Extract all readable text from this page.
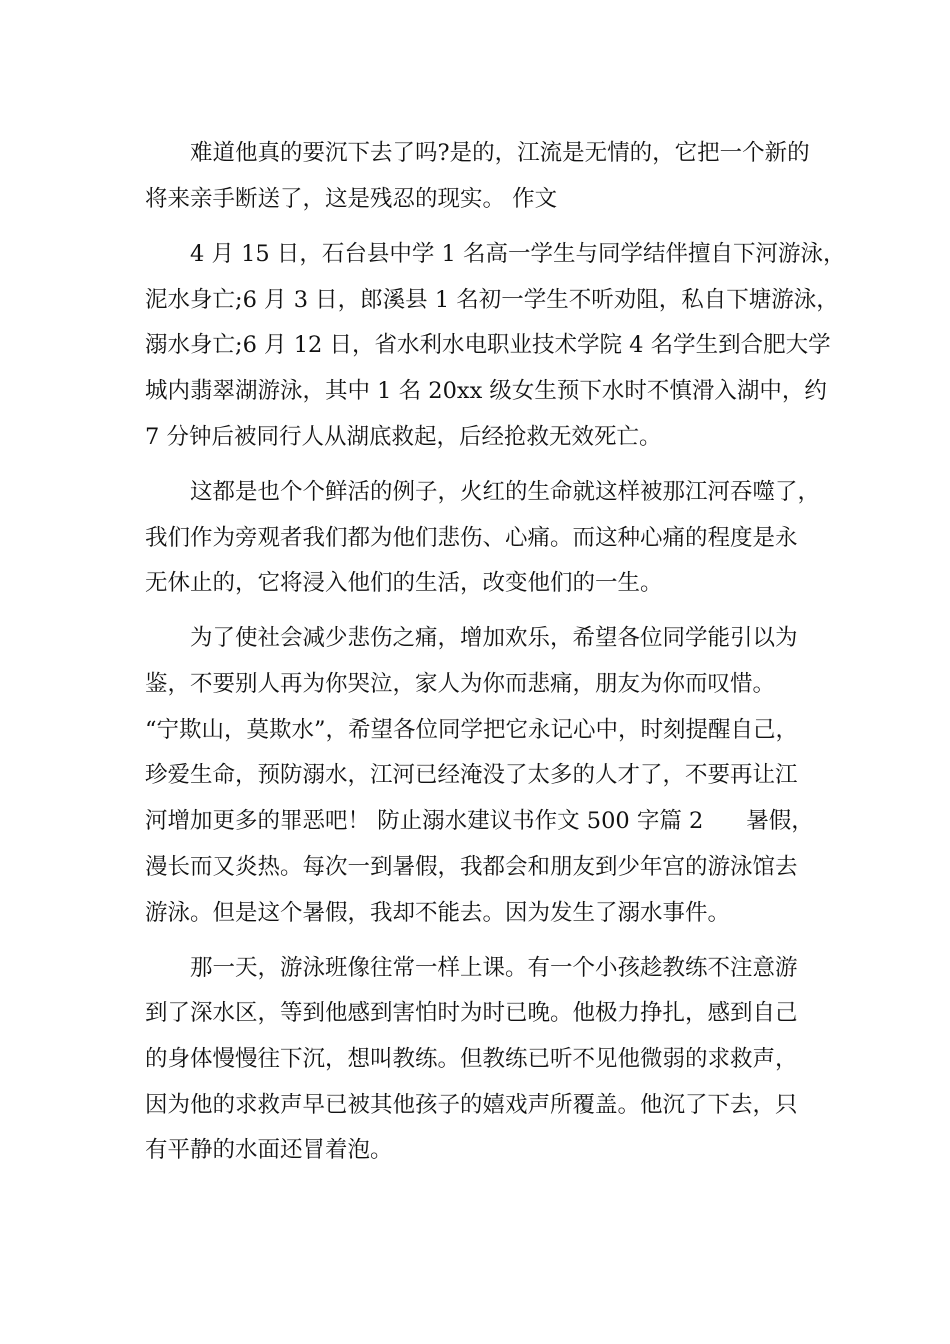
难道他真的要沉下去了吗?是的，江流是无情的，它把一个新的
将来亲手断送了，这是残忍的现实。 作文
4 月 15 日，石台县中学 1 名高一学生与同学结伴擅自下河游泳，
泥水身亡;6 月 3 日，郎溪县 1 名初一学生不听劝阻，私自下塘游泳，
溺水身亡;6 月 12 日，省水利水电职业技术学院 4 名学生到合肥大学
城内翡翠湖游泳，其中 1 名 20xx 级女生预下水时不慎滑入湖中，约
7 分钟后被同行人从湖底救起，后经抢救无效死亡。
这都是也个个鲜活的例子，火红的生命就这样被那江河吞噬了，
我们作为旁观者我们都为他们悲伤、心痛。而这种心痛的程度是永
无休止的，它将浸入他们的生活，改变他们的一生。
为了使社会减少悲伤之痛，增加欢乐，希望各位同学能引以为
鉴，不要别人再为你哭泣，家人为你而悲痛，朋友为你而叹惜。
“宁欺山，莫欺水”，希望各位同学把它永记心中，时刻提醒自己，
珍爱生命，预防溺水，江河已经淹没了太多的人才了，不要再让江
河增加更多的罪恶吧！ 防止溺水建议书作文 500 字篇 2      暑假，
漫长而又炎热。每次一到暑假，我都会和朋友到少年宫的游泳馆去
游泳。但是这个暑假，我却不能去。因为发生了溺水事件。
那一天，游泳班像往常一样上课。有一个小孩趁教练不注意游
到了深水区，等到他感到害怕时为时已晚。他极力挣扎，感到自己
的身体慢慢往下沉，想叫教练。但教练已听不见他微弱的求救声，
因为他的求救声早已被其他孩子的嬉戏声所覆盖。他沉了下去，只
有平静的水面还冒着泡。
